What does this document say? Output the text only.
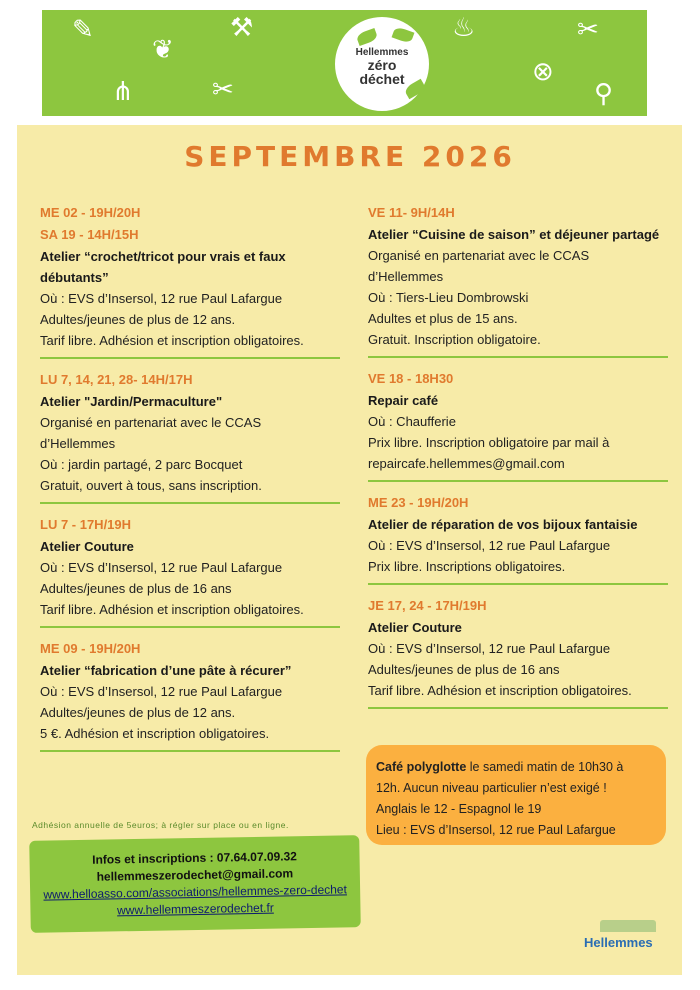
✎
❦
⚒
⋔	✂
♨	✂
⊗
⚲
Hellemmes
zéro
déchet
SEPTEMBRE 2026
ME 02 - 19H/20H
SA 19 - 14H/15H
Atelier “crochet/tricot pour vrais et faux débutants”
Où : EVS d’Insersol, 12 rue Paul Lafargue
Adultes/jeunes de plus de 12 ans.
Tarif libre. Adhésion et inscription obligatoires.
LU 7, 14, 21, 28- 14H/17H
Atelier "Jardin/Permaculture"
Organisé en partenariat avec le CCAS
d’Hellemmes
Où : jardin partagé, 2 parc Bocquet
Gratuit, ouvert à tous, sans inscription.
LU 7 - 17H/19H
Atelier Couture
Où : EVS d’Insersol, 12 rue Paul Lafargue
Adultes/jeunes de plus de 16 ans
Tarif libre. Adhésion et inscription obligatoires.
ME 09 - 19H/20H
Atelier “fabrication d’une pâte à récurer”
Où : EVS d’Insersol, 12 rue Paul Lafargue
Adultes/jeunes de plus de 12 ans.
5 €. Adhésion et inscription obligatoires.
VE 11- 9H/14H
Atelier “Cuisine de saison” et déjeuner partagé
Organisé en partenariat avec le CCAS
d’Hellemmes
Où : Tiers-Lieu Dombrowski
Adultes et plus de 15 ans.
Gratuit. Inscription obligatoire.
VE 18 - 18H30
Repair café
Où : Chaufferie
Prix libre. Inscription obligatoire par mail à
repaircafe.hellemmes@gmail.com
ME 23 - 19H/20H
Atelier de réparation de vos bijoux fantaisie
Où : EVS d’Insersol, 12 rue Paul Lafargue
Prix libre. Inscriptions obligatoires.
JE 17, 24 - 17H/19H
Atelier Couture
Où : EVS d’Insersol, 12 rue Paul Lafargue
Adultes/jeunes de plus de 16 ans
Tarif libre. Adhésion et inscription obligatoires.
Café polyglotte le samedi matin de 10h30 à
12h. Aucun niveau particulier n’est exigé !
Anglais le 12 - Espagnol le 19
Lieu : EVS d’Insersol, 12 rue Paul Lafargue
Adhésion annuelle de 5euros; à régler sur place ou en ligne.
Infos et inscriptions : 07.64.07.09.32
hellemmeszerodechet@gmail.com
www.helloasso.com/associations/hellemmes-zero-dechet
www.hellemmeszerodechet.fr
Hellemmes
